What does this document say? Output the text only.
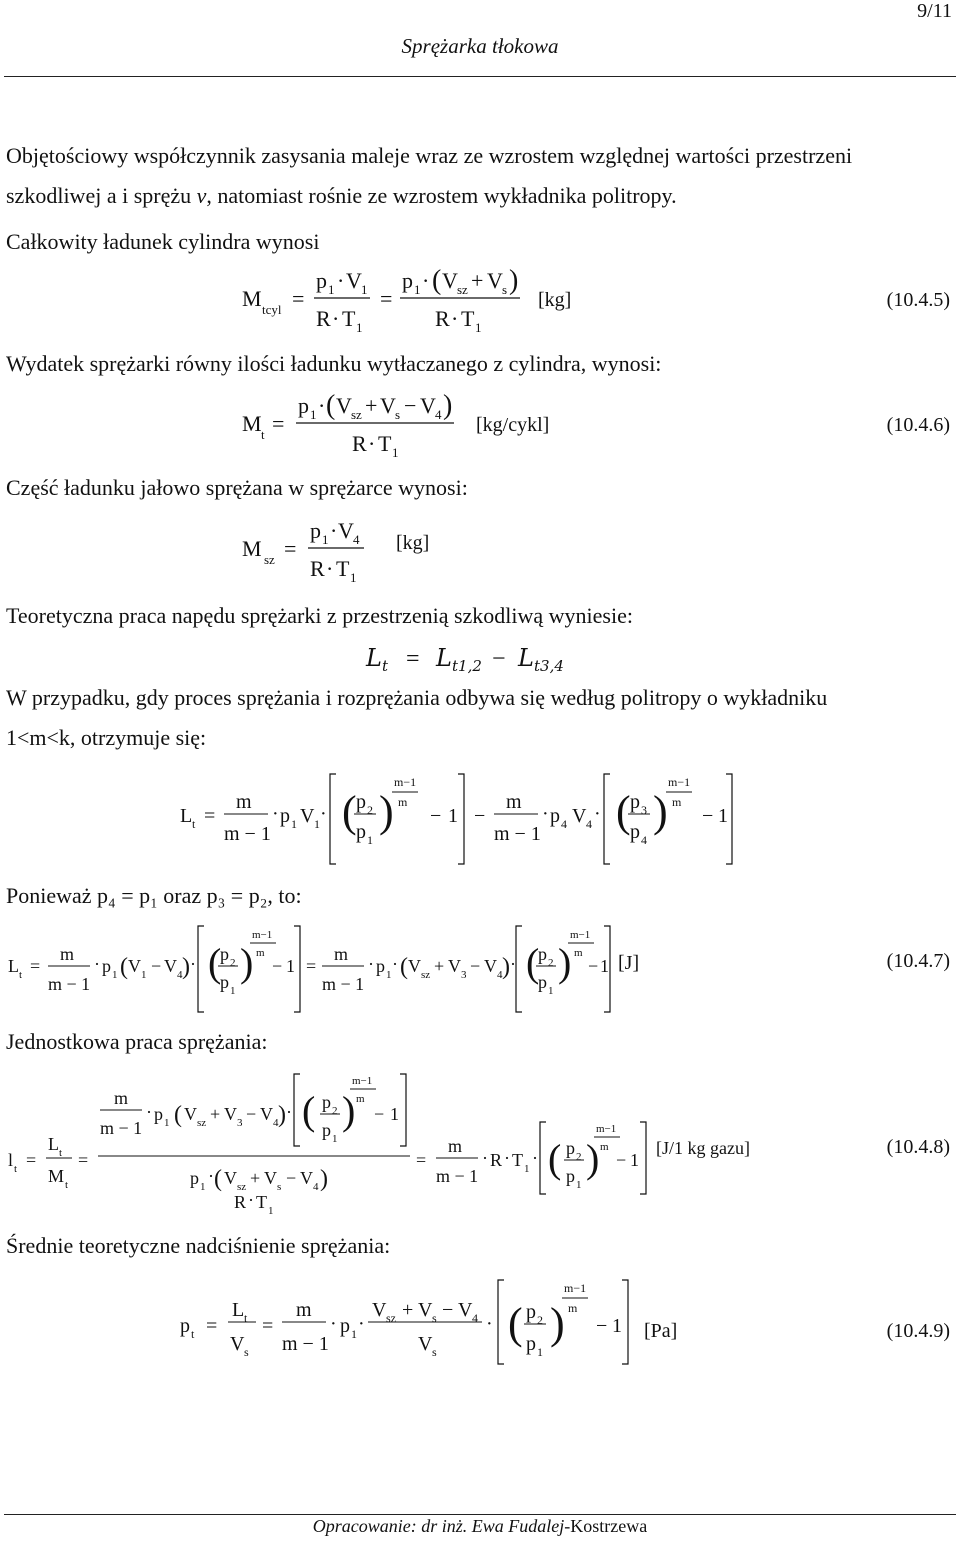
9/11
Sprężarka tłokowa
Objętościowy współczynnik zasysania maleje wraz ze wzrostem względnej wartości przestrzeni
szkodliwej a i sprężu v, natomiast rośnie ze wzrostem wykładnika politropy.
Całkowity ładunek cylindra wynosi
M tcyl =
p 1 · V 1
R · T 1
=
p 1 · ( V sz + V s )
R · T 1
[kg]	(10.4.5)
Wydatek sprężarki równy ilości ładunku wytłaczanego z cylindra, wynosi:
M t =
p 1 · ( V sz + V s − V 4 )
R · T 1
[kg/cykl]	(10.4.6)
Część ładunku jałowo sprężana w sprężarce wynosi:
M sz =
p 1 · V 4
R · T 1
[kg]
Teoretyczna praca napędu sprężarki z przestrzenią szkodliwą wyniesie:
L t = L t1,2 − L t3,4
W przypadku, gdy proces sprężania i rozprężania odbywa się według politropy o wykładniku
1<m<k, otrzymuje się:
L t =
m
m − 1
· p 1 V 1 · ( p 2
p 1
)
m−1
m
− 1 −
m
m − 1
· p 4 V 4 · ( p 3
p 4
)
m−1
m
− 1
Ponieważ p₄ = p₁ oraz p₃ = p₂, to:
L t =
m
m − 1
· p 1 ( V 1 − V 4 ) · (
p 2
p 1
)
m−1
m
− 1 =
m
m − 1
· p 1
· ( V sz + V 3 − V 4 ) · (
p 2
p 1
)
m−1
m
− 1 [J]	(10.4.7)
Jednostkowa praca sprężania:
l t =
L t
M t
=
m
m − 1
· p 1 ( V sz + V 3 − V 4 ) · ( p 2
p 1
)
m−1
m
− 1
p 1
· ( V sz + V s − V 4 )
R · T 1
=
m
m − 1
· R · T 1
· ( p 2
p 1
)
m−1
m
− 1
[J/1 kg gazu]	(10.4.8)
Średnie teoretyczne nadciśnienie sprężania:
p t =
L t
V s
=
m
m − 1
· p 1 ·
V sz + V s − V 4
V s
· ( p 2
p 1
)
m−1
m
− 1 [Pa]	(10.4.9)
Opracowanie: dr inż. Ewa Fudalej-Kostrzewa
